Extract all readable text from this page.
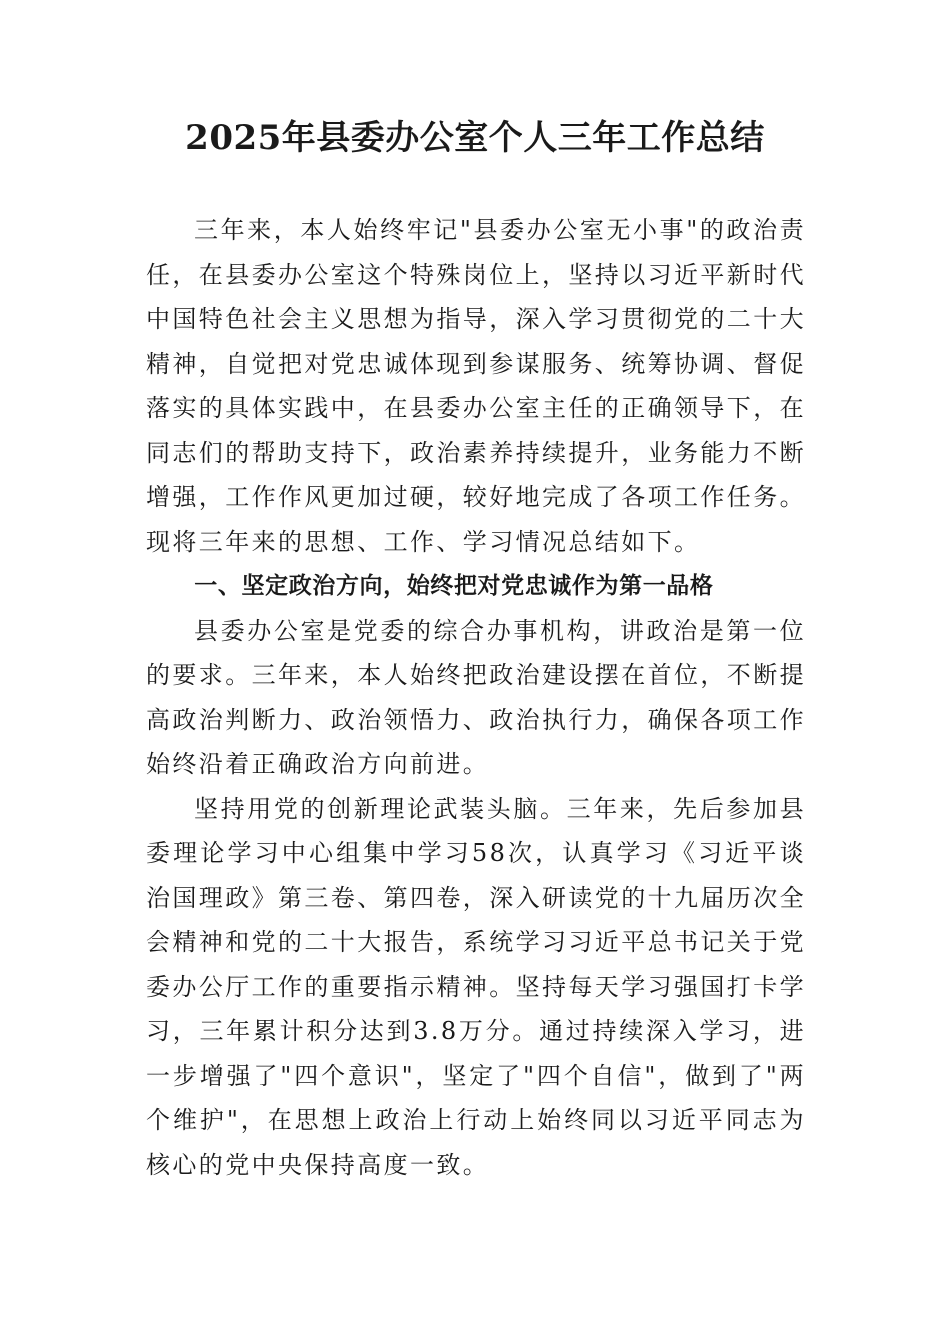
2025年县委办公室个人三年工作总结

三年来，本人始终牢记"县委办公室无小事"的政治责任，在县委办公室这个特殊岗位上，坚持以习近平新时代中国特色社会主义思想为指导，深入学习贯彻党的二十大精神，自觉把对党忠诚体现到参谋服务、统筹协调、督促落实的具体实践中，在县委办公室主任的正确领导下，在同志们的帮助支持下，政治素养持续提升，业务能力不断增强，工作作风更加过硬，较好地完成了各项工作任务。现将三年来的思想、工作、学习情况总结如下。

一、坚定政治方向，始终把对党忠诚作为第一品格

县委办公室是党委的综合办事机构，讲政治是第一位的要求。三年来，本人始终把政治建设摆在首位，不断提高政治判断力、政治领悟力、政治执行力，确保各项工作始终沿着正确政治方向前进。

坚持用党的创新理论武装头脑。三年来，先后参加县委理论学习中心组集中学习58次，认真学习《习近平谈治国理政》第三卷、第四卷，深入研读党的十九届历次全会精神和党的二十大报告，系统学习习近平总书记关于党委办公厅工作的重要指示精神。坚持每天学习强国打卡学习，三年累计积分达到3.8万分。通过持续深入学习，进一步增强了"四个意识"，坚定了"四个自信"，做到了"两个维护"，在思想上政治上行动上始终同以习近平同志为核心的党中央保持高度一致。
